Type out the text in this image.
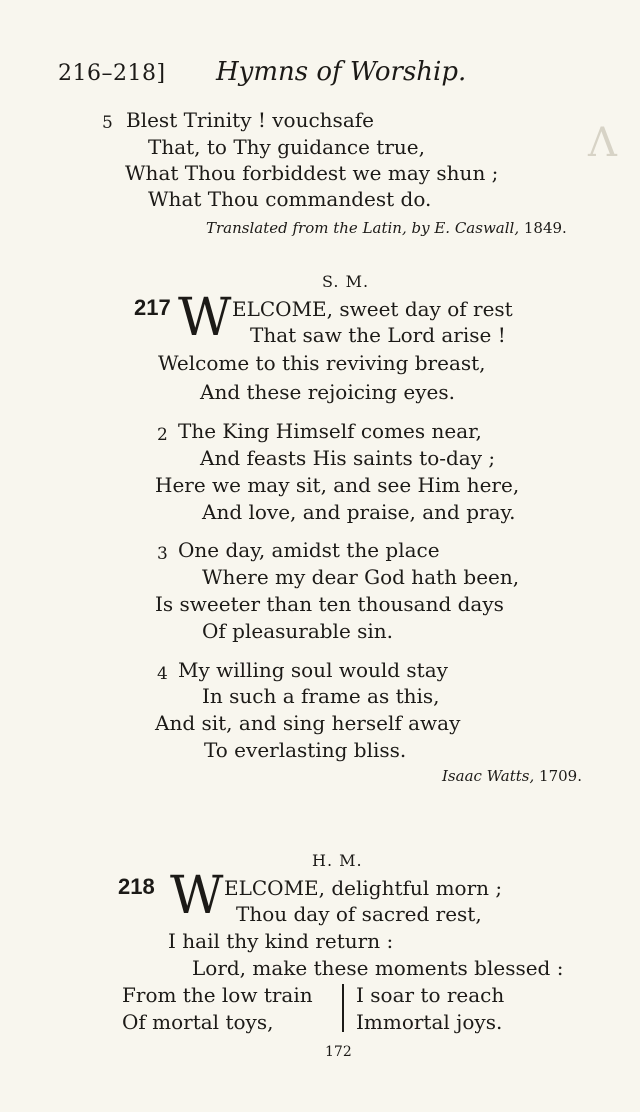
Λ
216–218] Hymns of Worship.
5 Blest Trinity ! vouchsafe
That, to Thy guidance true,
What Thou forbiddest we may shun ;
What Thou commandest do.
Translated from the Latin, by E. Caswall, 1849.
S. M.
217 W ELCOME, sweet day of rest
That saw the Lord arise !
Welcome to this reviving breast,
And these rejoicing eyes.
2 The King Himself comes near,
And feasts His saints to-day ;
Here we may sit, and see Him here,
And love, and praise, and pray.
3 One day, amidst the place
Where my dear God hath been,
Is sweeter than ten thousand days
Of pleasurable sin.
4 My willing soul would stay
In such a frame as this,
And sit, and sing herself away
To everlasting bliss.
Isaac Watts, 1709.
H. M.
218 W ELCOME, delightful morn ;
Thou day of sacred rest,
I hail thy kind return :
Lord, make these moments blessed :
From the low train
Of mortal toys,
I soar to reach
Immortal joys.
172
